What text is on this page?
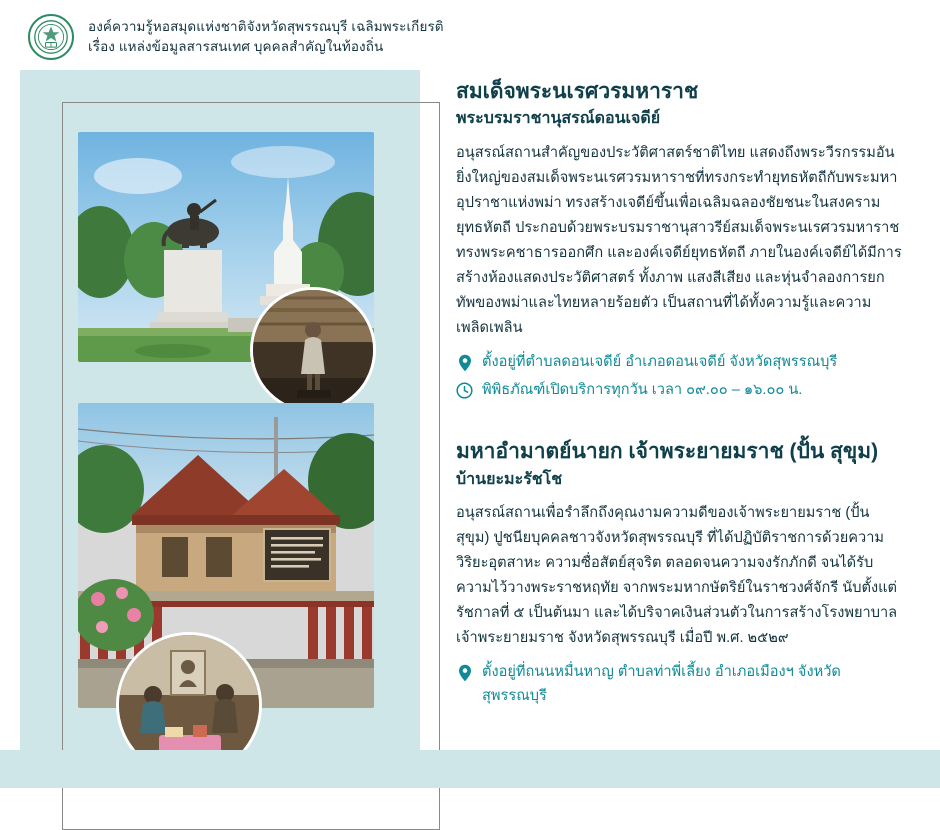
องค์ความรู้หอสมุดแห่งชาติจังหวัดสุพรรณบุรี เฉลิมพระเกียรติ
เรื่อง แหล่งข้อมูลสารสนเทศ บุคคลสำคัญในท้องถิ่น
สมเด็จพระนเรศวรมหาราช
พระบรมราชานุสรณ์ดอนเจดีย์

อนุสรณ์สถานสำคัญของประวัติศาสตร์ชาติไทย แสดงถึงพระวีรกรรมอันยิ่งใหญ่ของสมเด็จพระนเรศวรมหาราชที่ทรงกระทำยุทธหัตถีกับพระมหาอุปราชาแห่งพม่า ทรงสร้างเจดีย์ขึ้นเพื่อเฉลิมฉลองชัยชนะในสงครามยุทธหัตถี ประกอบด้วยพระบรมราชานุสาวรีย์สมเด็จพระนเรศวรมหาราชทรงพระคชาธารออกศึก และองค์เจดีย์ยุทธหัตถี ภายในองค์เจดีย์ได้มีการสร้างห้องแสดงประวัติศาสตร์ ทั้งภาพ แสงสีเสียง และหุ่นจำลองการยกทัพของพม่าและไทยหลายร้อยตัว เป็นสถานที่ได้ทั้งความรู้และความเพลิดเพลิน

ตั้งอยู่ที่ตำบลดอนเจดีย์ อำเภอดอนเจดีย์ จังหวัดสุพรรณบุรี
พิพิธภัณฑ์เปิดบริการทุกวัน เวลา ๐๙.๐๐ – ๑๖.๐๐ น.
มหาอำมาตย์นายก เจ้าพระยายมราช (ปั้น สุขุม)
บ้านยะมะรัชโช

อนุสรณ์สถานเพื่อรำลึกถึงคุณงามความดีของเจ้าพระยายมราช (ปั้น สุขุม) ปูชนียบุคคลชาวจังหวัดสุพรรณบุรี ที่ได้ปฏิบัติราชการด้วยความวิริยะอุตสาหะ ความซื่อสัตย์สุจริต ตลอดจนความจงรักภักดี จนได้รับความไว้วางพระราชหฤทัย จากพระมหากษัตริย์ในราชวงศ์จักรี นับตั้งแต่รัชกาลที่ ๕ เป็นต้นมา และได้บริจาคเงินส่วนตัวในการสร้างโรงพยาบาลเจ้าพระยายมราช จังหวัดสุพรรณบุรี เมื่อปี พ.ศ. ๒๕๒๙

ตั้งอยู่ที่ถนนหมื่นหาญ ตำบลท่าพี่เลี้ยง อำเภอเมืองฯ จังหวัดสุพรรณบุรี
